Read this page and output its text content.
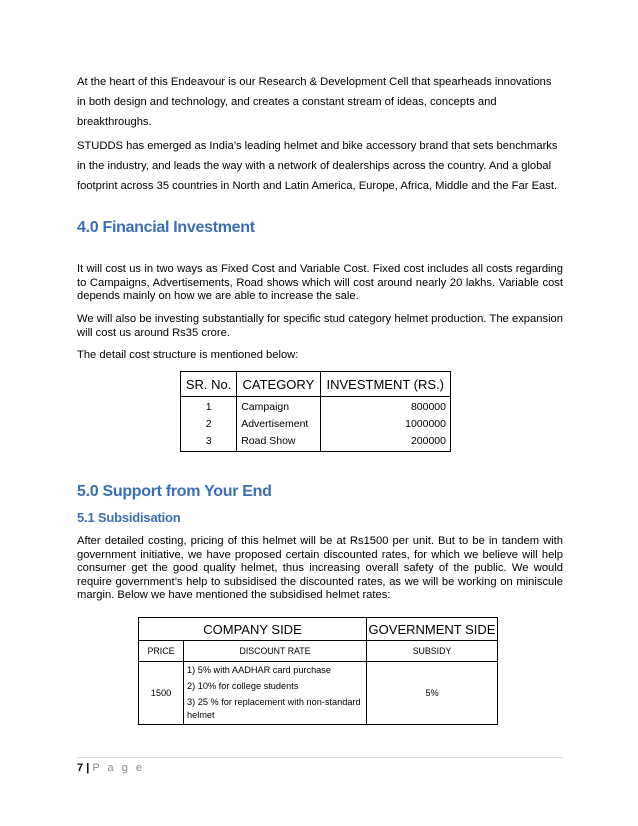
At the heart of this Endeavour is our Research & Development Cell that spearheads innovations in both design and technology, and creates a constant stream of ideas, concepts and breakthroughs.

STUDDS has emerged as India’s leading helmet and bike accessory brand that sets benchmarks in the industry, and leads the way with a network of dealerships across the country. And a global footprint across 35 countries in North and Latin America, Europe, Africa, Middle and the Far East.

4.0 Financial Investment

It will cost us in two ways as Fixed Cost and Variable Cost. Fixed cost includes all costs regarding to Campaigns, Advertisements, Road shows which will cost around nearly 20 lakhs. Variable cost depends mainly on how we are able to increase the sale.

We will also be investing substantially for specific stud category helmet production. The expansion will cost us around Rs35 crore.

The detail cost structure is mentioned below:

SR. No.	CATEGORY	INVESTMENT (RS.)
1	Campaign	800000
2	Advertisement	1000000
3	Road Show	200000
5.0 Support from Your End
5.1 Subsidisation

After detailed costing, pricing of this helmet will be at Rs1500 per unit. But to be in tandem with government initiative, we have proposed certain discounted rates, for which we believe will help consumer get the good quality helmet, thus increasing overall safety of the public. We would require government’s help to subsidised the discounted rates, as we will be working on miniscule margin. Below we have mentioned the subsidised helmet rates:

COMPANY SIDE		GOVERNMENT SIDE
PRICE	DISCOUNT RATE	SUBSIDY
1500	1) 5% with AADHAR card purchase
2) 10% for college students
3) 25 % for replacement with non-standard helmet	5%
7 | P a g e
